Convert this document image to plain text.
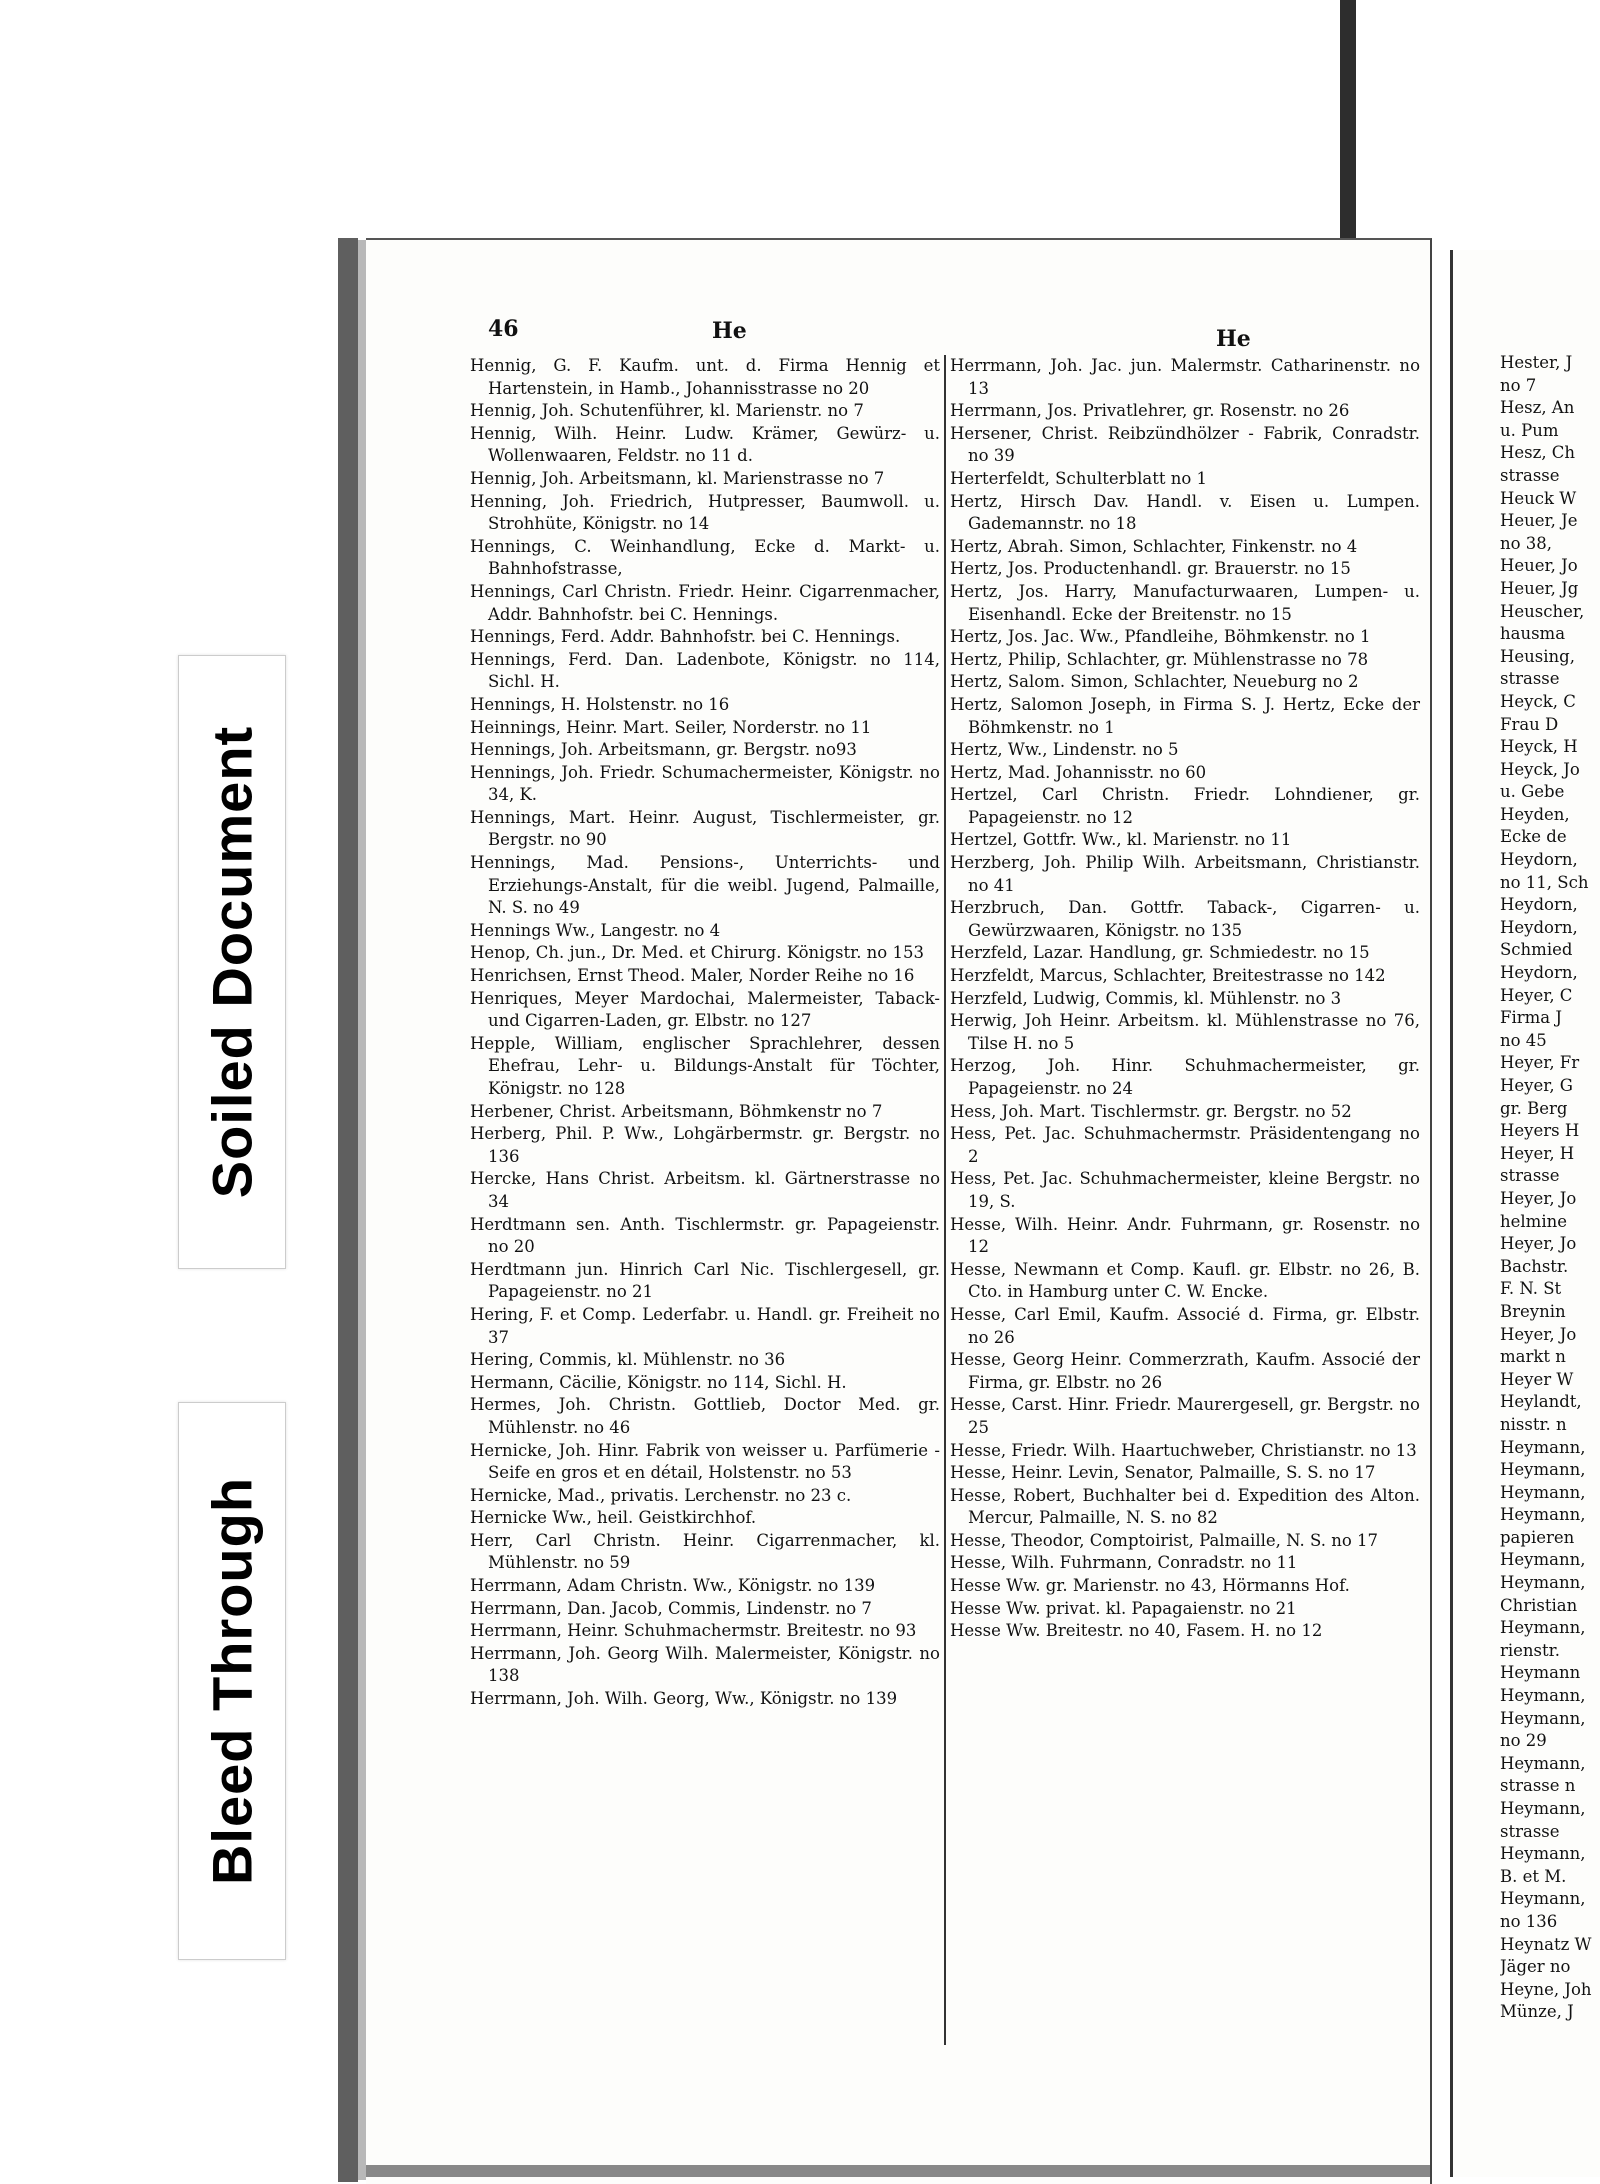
Soiled Document
Bleed Through
46	He	He
Hennig, G. F. Kaufm. unt. d. Firma Hennig et Hartenstein, in Hamb., Johannisstrasse no 20
Hennig, Joh. Schutenführer, kl. Marienstr. no 7
Hennig, Wilh. Heinr. Ludw. Krämer, Gewürz- u. Wollenwaaren, Feldstr. no 11 d.
Hennig, Joh. Arbeitsmann, kl. Marienstrasse no 7
Henning, Joh. Friedrich, Hutpresser, Baumwoll. u. Strohhüte, Königstr. no 14
Hennings, C. Weinhandlung, Ecke d. Markt- u. Bahnhofstrasse,
Hennings, Carl Christn. Friedr. Heinr. Cigarrenmacher, Addr. Bahnhofstr. bei C. Hennings.
Hennings, Ferd. Addr. Bahnhofstr. bei C. Hennings.
Hennings, Ferd. Dan. Ladenbote, Königstr. no 114, Sichl. H.
Hennings, H. Holstenstr. no 16
Heinnings, Heinr. Mart. Seiler, Norderstr. no 11
Hennings, Joh. Arbeitsmann, gr. Bergstr. no93
Hennings, Joh. Friedr. Schumachermeister, Königstr. no 34, K.
Hennings, Mart. Heinr. August, Tischlermeister, gr. Bergstr. no 90
Hennings, Mad. Pensions-, Unterrichts- und Erziehungs-Anstalt, für die weibl. Jugend, Palmaille, N. S. no 49
Hennings Ww., Langestr. no 4
Henop, Ch. jun., Dr. Med. et Chirurg. Königstr. no 153
Henrichsen, Ernst Theod. Maler, Norder Reihe no 16
Henriques, Meyer Mardochai, Malermeister, Taback- und Cigarren-Laden, gr. Elbstr. no 127
Hepple, William, englischer Sprachlehrer, dessen Ehefrau, Lehr- u. Bildungs-Anstalt für Töchter, Königstr. no 128
Herbener, Christ. Arbeitsmann, Böhmkenstr no 7
Herberg, Phil. P. Ww., Lohgärbermstr. gr. Bergstr. no 136
Hercke, Hans Christ. Arbeitsm. kl. Gärtnerstrasse no 34
Herdtmann sen. Anth. Tischlermstr. gr. Papageienstr. no 20
Herdtmann jun. Hinrich Carl Nic. Tischlergesell, gr. Papageienstr. no 21
Hering, F. et Comp. Lederfabr. u. Handl. gr. Freiheit no 37
Hering, Commis, kl. Mühlenstr. no 36
Hermann, Cäcilie, Königstr. no 114, Sichl. H.
Hermes, Joh. Christn. Gottlieb, Doctor Med. gr. Mühlenstr. no 46
Hernicke, Joh. Hinr. Fabrik von weisser u. Parfümerie - Seife en gros et en détail, Holstenstr. no 53
Hernicke, Mad., privatis. Lerchenstr. no 23 c.
Hernicke Ww., heil. Geistkirchhof.
Herr, Carl Christn. Heinr. Cigarrenmacher, kl. Mühlenstr. no 59
Herrmann, Adam Christn. Ww., Königstr. no 139
Herrmann, Dan. Jacob, Commis, Lindenstr. no 7
Herrmann, Heinr. Schuhmachermstr. Breitestr. no 93
Herrmann, Joh. Georg Wilh. Malermeister, Königstr. no 138
Herrmann, Joh. Wilh. Georg, Ww., Königstr. no 139
Herrmann, Joh. Jac. jun. Malermstr. Catharinenstr. no 13
Herrmann, Jos. Privatlehrer, gr. Rosenstr. no 26
Hersener, Christ. Reibzündhölzer - Fabrik, Conradstr. no 39
Herterfeldt, Schulterblatt no 1
Hertz, Hirsch Dav. Handl. v. Eisen u. Lumpen. Gademannstr. no 18
Hertz, Abrah. Simon, Schlachter, Finkenstr. no 4
Hertz, Jos. Productenhandl. gr. Brauerstr. no 15
Hertz, Jos. Harry, Manufacturwaaren, Lumpen- u. Eisenhandl. Ecke der Breitenstr. no 15
Hertz, Jos. Jac. Ww., Pfandleihe, Böhmkenstr. no 1
Hertz, Philip, Schlachter, gr. Mühlenstrasse no 78
Hertz, Salom. Simon, Schlachter, Neueburg no 2
Hertz, Salomon Joseph, in Firma S. J. Hertz, Ecke der Böhmkenstr. no 1
Hertz, Ww., Lindenstr. no 5
Hertz, Mad. Johannisstr. no 60
Hertzel, Carl Christn. Friedr. Lohndiener, gr. Papageienstr. no 12
Hertzel, Gottfr. Ww., kl. Marienstr. no 11
Herzberg, Joh. Philip Wilh. Arbeitsmann, Christianstr. no 41
Herzbruch, Dan. Gottfr. Taback-, Cigarren- u. Gewürzwaaren, Königstr. no 135
Herzfeld, Lazar. Handlung, gr. Schmiedestr. no 15
Herzfeldt, Marcus, Schlachter, Breitestrasse no 142
Herzfeld, Ludwig, Commis, kl. Mühlenstr. no 3
Herwig, Joh Heinr. Arbeitsm. kl. Mühlenstrasse no 76, Tilse H. no 5
Herzog, Joh. Hinr. Schuhmachermeister, gr. Papageienstr. no 24
Hess, Joh. Mart. Tischlermstr. gr. Bergstr. no 52
Hess, Pet. Jac. Schuhmachermstr. Präsidentengang no 2
Hess, Pet. Jac. Schuhmachermeister, kleine Bergstr. no 19, S.
Hesse, Wilh. Heinr. Andr. Fuhrmann, gr. Rosenstr. no 12
Hesse, Newmann et Comp. Kaufl. gr. Elbstr. no 26, B. Cto. in Hamburg unter C. W. Encke.
Hesse, Carl Emil, Kaufm. Associé d. Firma, gr. Elbstr. no 26
Hesse, Georg Heinr. Commerzrath, Kaufm. Associé der Firma, gr. Elbstr. no 26
Hesse, Carst. Hinr. Friedr. Maurergesell, gr. Bergstr. no 25
Hesse, Friedr. Wilh. Haartuchweber, Christianstr. no 13
Hesse, Heinr. Levin, Senator, Palmaille, S. S. no 17
Hesse, Robert, Buchhalter bei d. Expedition des Alton. Mercur, Palmaille, N. S. no 82
Hesse, Theodor, Comptoirist, Palmaille, N. S. no 17
Hesse, Wilh. Fuhrmann, Conradstr. no 11
Hesse Ww. gr. Marienstr. no 43, Hörmanns Hof.
Hesse Ww. privat. kl. Papagaienstr. no 21
Hesse Ww. Breitestr. no 40, Fasem. H. no 12
Hester, J
no 7
Hesz, An
u. Pum
Hesz, Ch
strasse
Heuck W
Heuer, Je
no 38,
Heuer, Jo
Heuer, Jg
Heuscher,
hausma
Heusing,
strasse
Heyck, C
Frau D
Heyck, H
Heyck, Jo
u. Gebe
Heyden,
Ecke de
Heydorn,
no 11, Sch
Heydorn,
Heydorn,
Schmied
Heydorn,
Heyer, C
Firma J
no 45
Heyer, Fr
Heyer, G
gr. Berg
Heyers H
Heyer, H
strasse
Heyer, Jo
helmine
Heyer, Jo
Bachstr.
F. N. St
Breynin
Heyer, Jo
markt n
Heyer W
Heylandt,
nisstr. n
Heymann,
Heymann,
Heymann,
Heymann,
papieren
Heymann,
Heymann,
Christian
Heymann,
rienstr.
Heymann
Heymann,
Heymann,
no 29
Heymann,
strasse n
Heymann,
strasse
Heymann,
B. et M.
Heymann,
no 136
Heynatz W
Jäger no
Heyne, Joh
Münze, J
